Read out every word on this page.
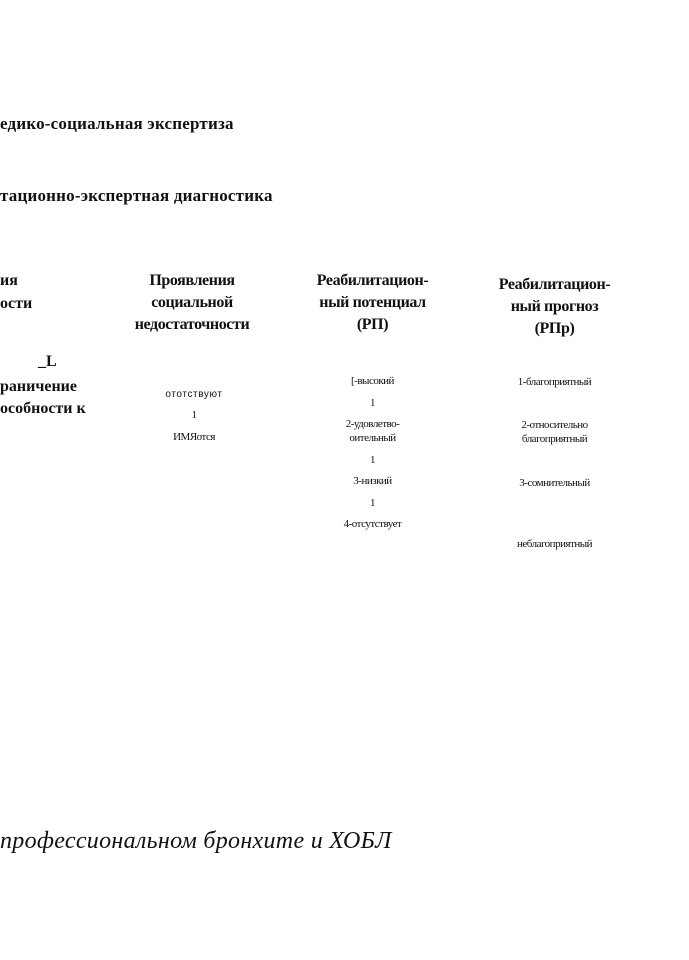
едико-социальная экспертиза
тационно-экспертная диагностика
ия
ости
Проявления
социальной
недостаточности
Реабилитацион-
ный потенциал
(РП)
Реабилитацион-
ный прогноз
(РПр)
_L
раничение
особности к
ототствуют
1
ИМЯотся
[-высокий
1
2-удовлетво-
оительный
1
3-низкий
1
4-отсутствует
1-благоприятный
2-относительно
благоприятный
3-сомнительный
неблагоприятный
профессиональном бронхите и ХОБЛ
